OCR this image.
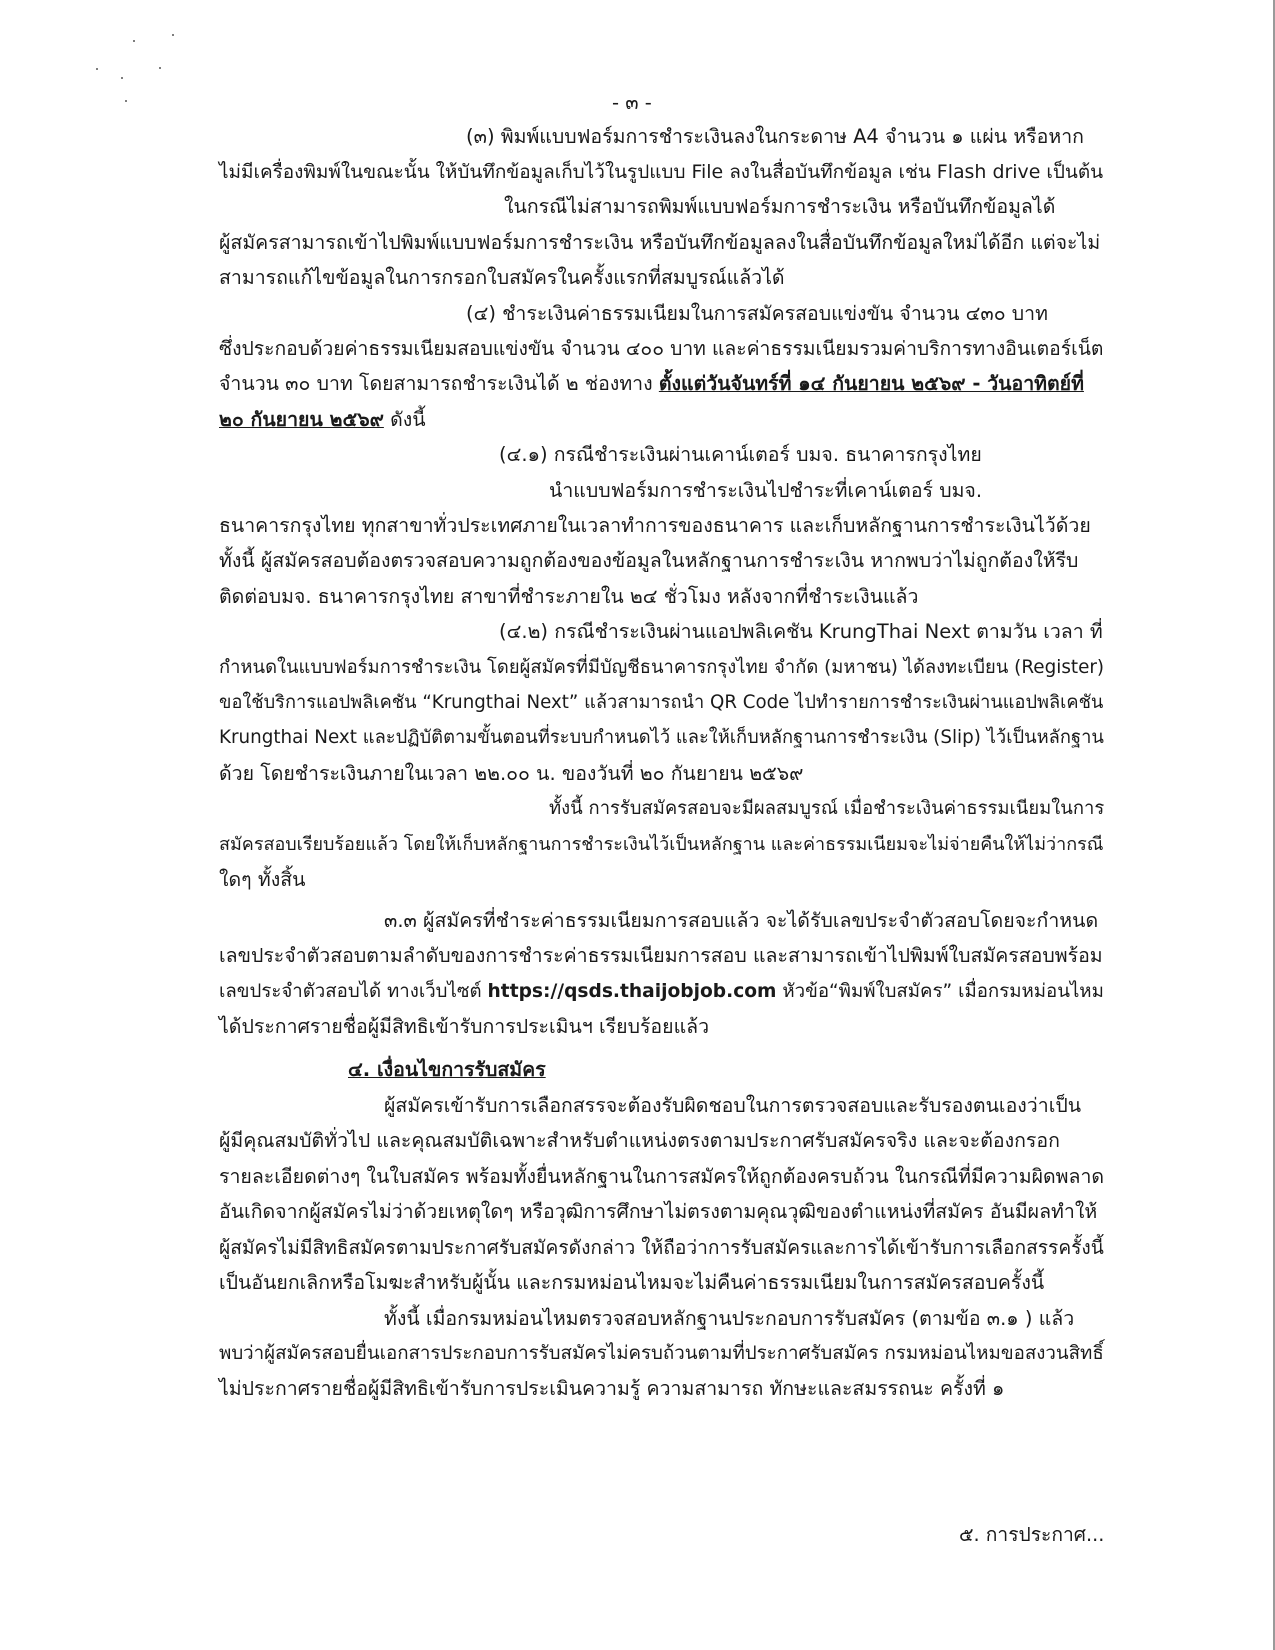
- ๓ -
(๓) พิมพ์แบบฟอร์มการชำระเงินลงในกระดาษ A4 จำนวน ๑ แผ่น หรือหาก
ไม่มีเครื่องพิมพ์ในขณะนั้น ให้บันทึกข้อมูลเก็บไว้ในรูปแบบ File ลงในสื่อบันทึกข้อมูล เช่น Flash drive เป็นต้น
ในกรณีไม่สามารถพิมพ์แบบฟอร์มการชำระเงิน หรือบันทึกข้อมูลได้
ผู้สมัครสามารถเข้าไปพิมพ์แบบฟอร์มการชำระเงิน หรือบันทึกข้อมูลลงในสื่อบันทึกข้อมูลใหม่ได้อีก แต่จะไม่
สามารถแก้ไขข้อมูลในการกรอกใบสมัครในครั้งแรกที่สมบูรณ์แล้วได้
(๔) ชำระเงินค่าธรรมเนียมในการสมัครสอบแข่งขัน จำนวน ๔๓๐ บาท
ซึ่งประกอบด้วยค่าธรรมเนียมสอบแข่งขัน จำนวน ๔๐๐ บาท และค่าธรรมเนียมรวมค่าบริการทางอินเตอร์เน็ต
จำนวน ๓๐ บาท โดยสามารถชำระเงินได้ ๒ ช่องทาง ตั้งแต่วันจันทร์ที่ ๑๔ กันยายน ๒๕๖๙ - วันอาทิตย์ที่
๒๐ กันยายน ๒๕๖๙ ดังนี้
(๔.๑) กรณีชำระเงินผ่านเคาน์เตอร์ บมจ. ธนาคารกรุงไทย
นำแบบฟอร์มการชำระเงินไปชำระที่เคาน์เตอร์ บมจ.
ธนาคารกรุงไทย ทุกสาขาทั่วประเทศภายในเวลาทำการของธนาคาร และเก็บหลักฐานการชำระเงินไว้ด้วย
ทั้งนี้ ผู้สมัครสอบต้องตรวจสอบความถูกต้องของข้อมูลในหลักฐานการชำระเงิน หากพบว่าไม่ถูกต้องให้รีบ
ติดต่อบมจ. ธนาคารกรุงไทย สาขาที่ชำระภายใน ๒๔ ชั่วโมง หลังจากที่ชำระเงินแล้ว
(๔.๒) กรณีชำระเงินผ่านแอปพลิเคชัน KrungThai Next ตามวัน เวลา ที่
กำหนดในแบบฟอร์มการชำระเงิน โดยผู้สมัครที่มีบัญชีธนาคารกรุงไทย จำกัด (มหาชน) ได้ลงทะเบียน (Register)
ขอใช้บริการแอปพลิเคชัน “Krungthai Next” แล้วสามารถนำ QR Code ไปทำรายการชำระเงินผ่านแอปพลิเคชัน
Krungthai Next และปฏิบัติตามขั้นตอนที่ระบบกำหนดไว้ และให้เก็บหลักฐานการชำระเงิน (Slip) ไว้เป็นหลักฐาน
ด้วย โดยชำระเงินภายในเวลา ๒๒.๐๐ น. ของวันที่ ๒๐ กันยายน ๒๕๖๙
ทั้งนี้ การรับสมัครสอบจะมีผลสมบูรณ์ เมื่อชำระเงินค่าธรรมเนียมในการ
สมัครสอบเรียบร้อยแล้ว โดยให้เก็บหลักฐานการชำระเงินไว้เป็นหลักฐาน และค่าธรรมเนียมจะไม่จ่ายคืนให้ไม่ว่ากรณี
ใดๆ ทั้งสิ้น
๓.๓ ผู้สมัครที่ชำระค่าธรรมเนียมการสอบแล้ว จะได้รับเลขประจำตัวสอบโดยจะกำหนด
เลขประจำตัวสอบตามลำดับของการชำระค่าธรรมเนียมการสอบ และสามารถเข้าไปพิมพ์ใบสมัครสอบพร้อม
เลขประจำตัวสอบได้ ทางเว็บไซต์ https://qsds.thaijobjob.com หัวข้อ“พิมพ์ใบสมัคร” เมื่อกรมหม่อนไหม
ได้ประกาศรายชื่อผู้มีสิทธิเข้ารับการประเมินฯ เรียบร้อยแล้ว
๔. เงื่อนไขการรับสมัคร
ผู้สมัครเข้ารับการเลือกสรรจะต้องรับผิดชอบในการตรวจสอบและรับรองตนเองว่าเป็น
ผู้มีคุณสมบัติทั่วไป และคุณสมบัติเฉพาะสำหรับตำแหน่งตรงตามประกาศรับสมัครจริง และจะต้องกรอก
รายละเอียดต่างๆ ในใบสมัคร พร้อมทั้งยื่นหลักฐานในการสมัครให้ถูกต้องครบถ้วน ในกรณีที่มีความผิดพลาด
อันเกิดจากผู้สมัครไม่ว่าด้วยเหตุใดๆ หรือวุฒิการศึกษาไม่ตรงตามคุณวุฒิของตำแหน่งที่สมัคร อันมีผลทำให้
ผู้สมัครไม่มีสิทธิสมัครตามประกาศรับสมัครดังกล่าว ให้ถือว่าการรับสมัครและการได้เข้ารับการเลือกสรรครั้งนี้
เป็นอันยกเลิกหรือโมฆะสำหรับผู้นั้น และกรมหม่อนไหมจะไม่คืนค่าธรรมเนียมในการสมัครสอบครั้งนี้
ทั้งนี้ เมื่อกรมหม่อนไหมตรวจสอบหลักฐานประกอบการรับสมัคร (ตามข้อ ๓.๑ ) แล้ว
พบว่าผู้สมัครสอบยื่นเอกสารประกอบการรับสมัครไม่ครบถ้วนตามที่ประกาศรับสมัคร กรมหม่อนไหมขอสงวนสิทธิ์
ไม่ประกาศรายชื่อผู้มีสิทธิเข้ารับการประเมินความรู้ ความสามารถ ทักษะและสมรรถนะ ครั้งที่ ๑
๕. การประกาศ...
